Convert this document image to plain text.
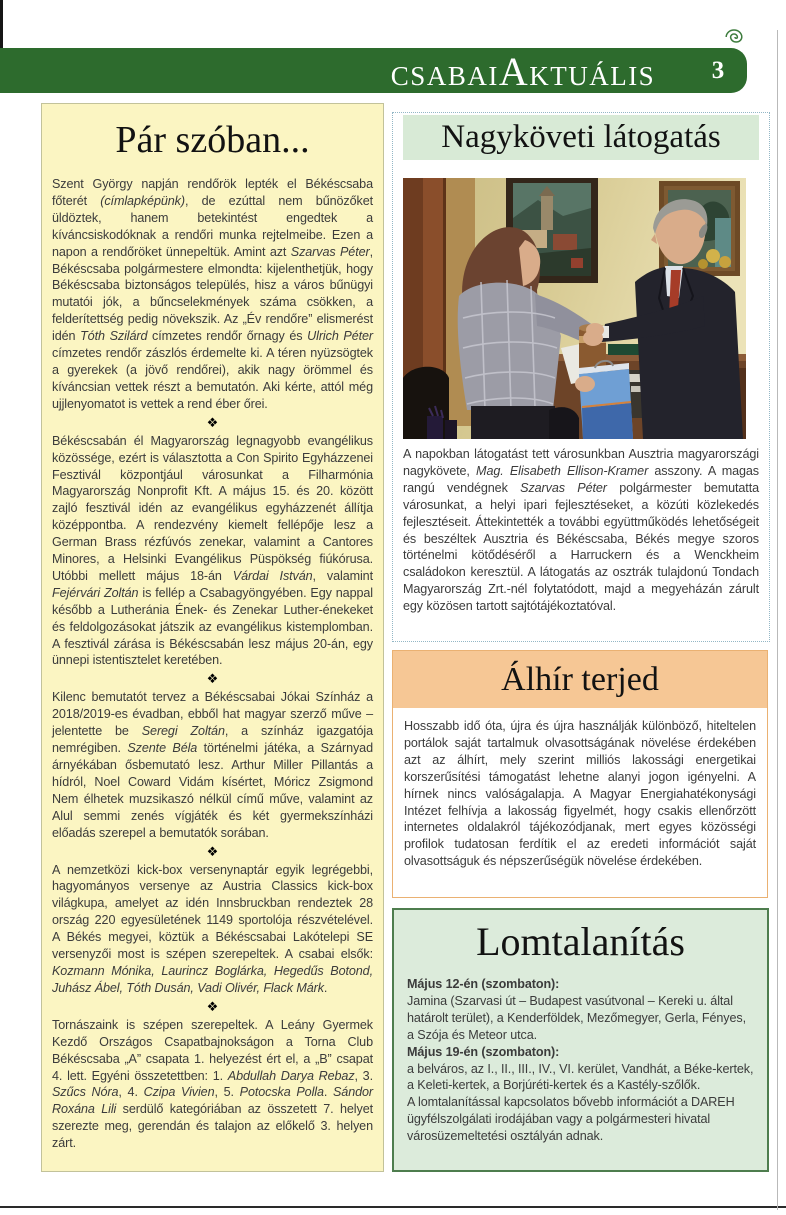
CSABAIAKTUÁLIS	3
Pár szóban...

Szent György napján rendőrök lepték el Békéscsaba főterét (címlapképünk), de ezúttal nem bűnözőket üldöztek, hanem betekintést engedtek a kíváncsiskodóknak a rendőri munka rejtelmeibe. Ezen a napon a rendőröket ünnepeltük. Amint azt Szarvas Péter, Békéscsaba polgármestere elmondta: kijelenthetjük, hogy Békéscsaba biztonságos település, hisz a város bűnügyi mutatói jók, a bűncselekmények száma csökken, a felderítettség pedig növekszik. Az „Év rendőre” elismerést idén Tóth Szilárd címzetes rendőr őrnagy és Ulrich Péter címzetes rendőr zászlós érdemelte ki. A téren nyüzsögtek a gyerekek (a jövő rendőrei), akik nagy örömmel és kíváncsian vettek részt a bemutatón. Aki kérte, attól még ujjlenyomatot is vettek a rend éber őrei.

❖

Békéscsabán él Magyarország legnagyobb evangélikus közössége, ezért is választotta a Con Spirito Egyházzenei Fesztivál központjául városunkat a Filharmónia Magyarország Nonprofit Kft. A május 15. és 20. között zajló fesztivál idén az evangélikus egyházzenét állítja középpontba. A rendezvény kiemelt fellépője lesz a German Brass rézfúvós zenekar, valamint a Cantores Minores, a Helsinki Evangélikus Püspökség fiúkórusa. Utóbbi mellett május 18-án Várdai István, valamint Fejérvári Zoltán is fellép a Csabagyöngyében. Egy nappal később a Lutheránia Ének- és Zenekar Luther-énekeket és feldolgozásokat játszik az evangélikus kistemplomban. A fesztivál zárása is Békéscsabán lesz május 20-án, egy ünnepi istentisztelet keretében.

❖

Kilenc bemutatót tervez a Békéscsabai Jókai Színház a 2018/2019-es évadban, ebből hat magyar szerző műve – jelentette be Seregi Zoltán, a színház igazgatója nemrégiben. Szente Béla történelmi játéka, a Szárnyad árnyékában ősbemutató lesz. Arthur Miller Pillantás a hídról, Noel Coward Vidám kísértet, Móricz Zsigmond Nem élhetek muzsikaszó nélkül című műve, valamint az Alul semmi zenés vígjáték és két gyermekszínházi előadás szerepel a bemutatók sorában.

❖

A nemzetközi kick-box versenynaptár egyik legrégebbi, hagyományos versenye az Austria Classics kick-box világkupa, amelyet az idén Innsbruckban rendeztek 28 ország 220 egyesületének 1149 sportolója részvételével. A Békés megyei, köztük a Békéscsabai Lakótelepi SE versenyzői most is szépen szerepeltek. A csabai elsők: Kozmann Mónika, Laurincz Boglárka, Hegedűs Botond, Juhász Ábel, Tóth Dusán, Vadi Olivér, Flack Márk.

❖

Tornászaink is szépen szerepeltek. A Leány Gyermek Kezdő Országos Csapatbajnokságon a Torna Club Békéscsaba „A” csapata 1. helyezést ért el, a „B” csapat 4. lett. Egyéni összetettben: 1. Abdullah Darya Rebaz, 3. Szűcs Nóra, 4. Czipa Vivien, 5. Potocska Polla. Sándor Roxána Lili serdülő kategóriában az összetett 7. helyet szerezte meg, gerendán és talajon az előkelő 3. helyen zárt.

Nagyköveti látogatás

A napokban látogatást tett városunkban Ausztria magyarországi nagykövete, Mag. Elisabeth Ellison-Kramer asszony. A magas rangú vendégnek Szarvas Péter polgármester bemutatta városunkat, a helyi ipari fejlesztéseket, a közúti közlekedés fejlesztéseit. Áttekintették a további együttműködés lehetőségeit és beszéltek Ausztria és Békéscsaba, Békés megye szoros történelmi kötődéséről a Harruckern és a Wenckheim családokon keresztül. A látogatás az osztrák tulajdonú Tondach Magyarország Zrt.-nél folytatódott, majd a megyeházán zárult egy közösen tartott sajtótájékoztatóval.

Álhír terjed

Hosszabb idő óta, újra és újra használják különböző, hiteltelen portálok saját tartalmuk olvasottságának növelése érdekében azt az álhírt, mely szerint milliós lakossági energetikai korszerűsítési támogatást lehetne alanyi jogon igényelni. A hírnek nincs valóságalapja. A Magyar Energiahatékonysági Intézet felhívja a lakosság figyelmét, hogy csakis ellenőrzött internetes oldalakról tájékozódjanak, mert egyes közösségi profilok tudatosan ferdítik el az eredeti információt saját olvasottságuk és népszerűségük növelése érdekében.

Lomtalanítás

Május 12-én (szombaton):

Jamina (Szarvasi út – Budapest vasútvonal – Kereki u. által határolt terület), a Kenderföldek, Mezőmegyer, Gerla, Fényes, a Szója és Meteor utca.

Május 19-én (szombaton):

a belváros, az I., II., III., IV., VI. kerület, Vandhát, a Béke-kertek, a Keleti-kertek, a Borjúréti-kertek és a Kastély-szőlők.

A lomtalanítással kapcsolatos bővebb információt a DAREH ügyfélszolgálati irodájában vagy a polgármesteri hivatal városüzemeltetési osztályán adnak.
